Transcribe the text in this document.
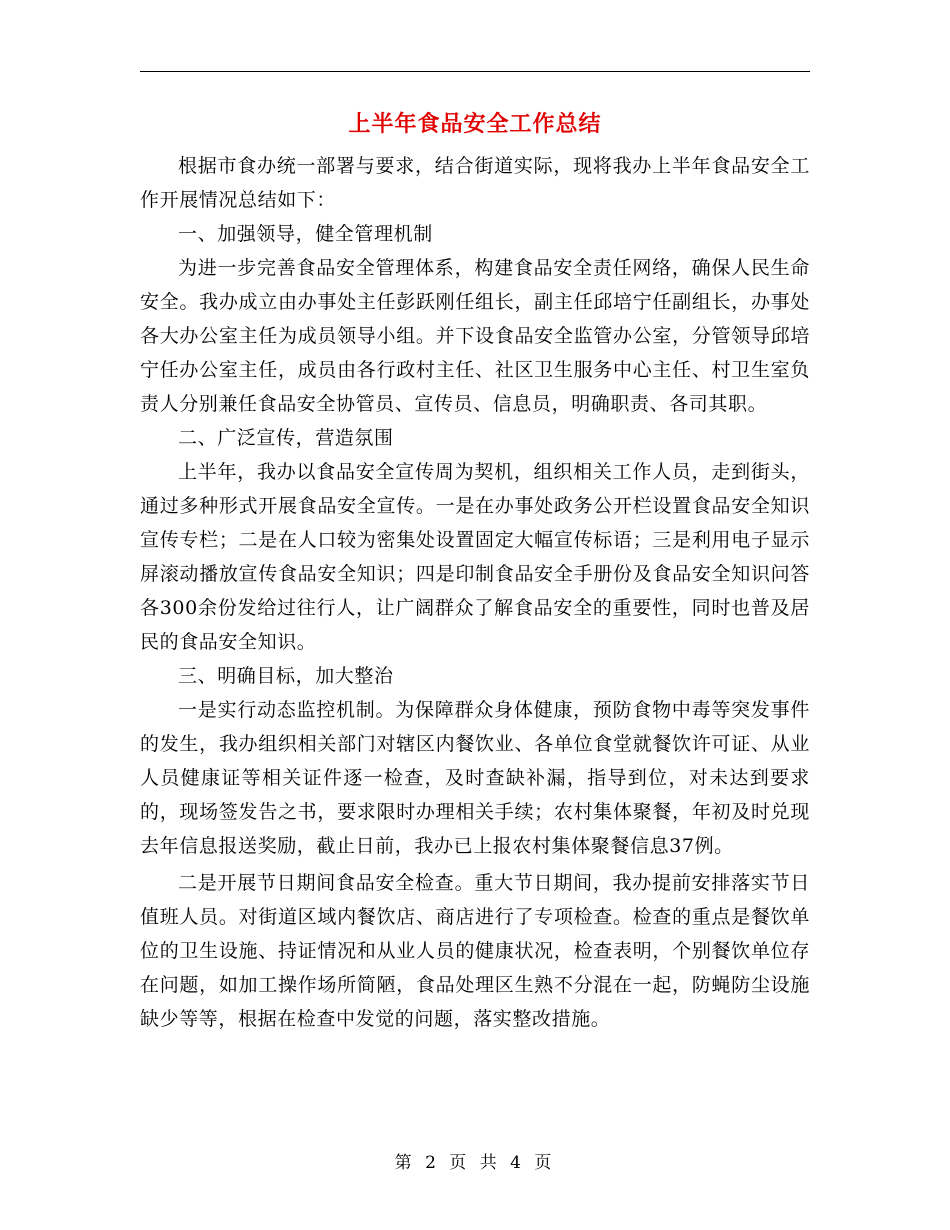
上半年食品安全工作总结

根据市食办统一部署与要求，结合街道实际，现将我办上半年食品安全工作开展情况总结如下：

一、加强领导，健全管理机制

为进一步完善食品安全管理体系，构建食品安全责任网络，确保人民生命安全。我办成立由办事处主任彭跃刚任组长，副主任邱培宁任副组长，办事处各大办公室主任为成员领导小组。并下设食品安全监管办公室，分管领导邱培宁任办公室主任，成员由各行政村主任、社区卫生服务中心主任、村卫生室负责人分别兼任食品安全协管员、宣传员、信息员，明确职责、各司其职。

二、广泛宣传，营造氛围

上半年，我办以食品安全宣传周为契机，组织相关工作人员，走到街头，通过多种形式开展食品安全宣传。一是在办事处政务公开栏设置食品安全知识宣传专栏；二是在人口较为密集处设置固定大幅宣传标语；三是利用电子显示屏滚动播放宣传食品安全知识；四是印制食品安全手册份及食品安全知识问答各300余份发给过往行人，让广阔群众了解食品安全的重要性，同时也普及居民的食品安全知识。

三、明确目标，加大整治

一是实行动态监控机制。为保障群众身体健康，预防食物中毒等突发事件的发生，我办组织相关部门对辖区内餐饮业、各单位食堂就餐饮许可证、从业人员健康证等相关证件逐一检查，及时查缺补漏，指导到位，对未达到要求的，现场签发告之书，要求限时办理相关手续；农村集体聚餐，年初及时兑现去年信息报送奖励，截止日前，我办已上报农村集体聚餐信息37例。

二是开展节日期间食品安全检查。重大节日期间，我办提前安排落实节日值班人员。对街道区域内餐饮店、商店进行了专项检查。检查的重点是餐饮单位的卫生设施、持证情况和从业人员的健康状况，检查表明，个别餐饮单位存在问题，如加工操作场所简陋，食品处理区生熟不分混在一起，防蝇防尘设施缺少等等，根据在检查中发觉的问题，落实整改措施。

第 2 页 共 4 页
